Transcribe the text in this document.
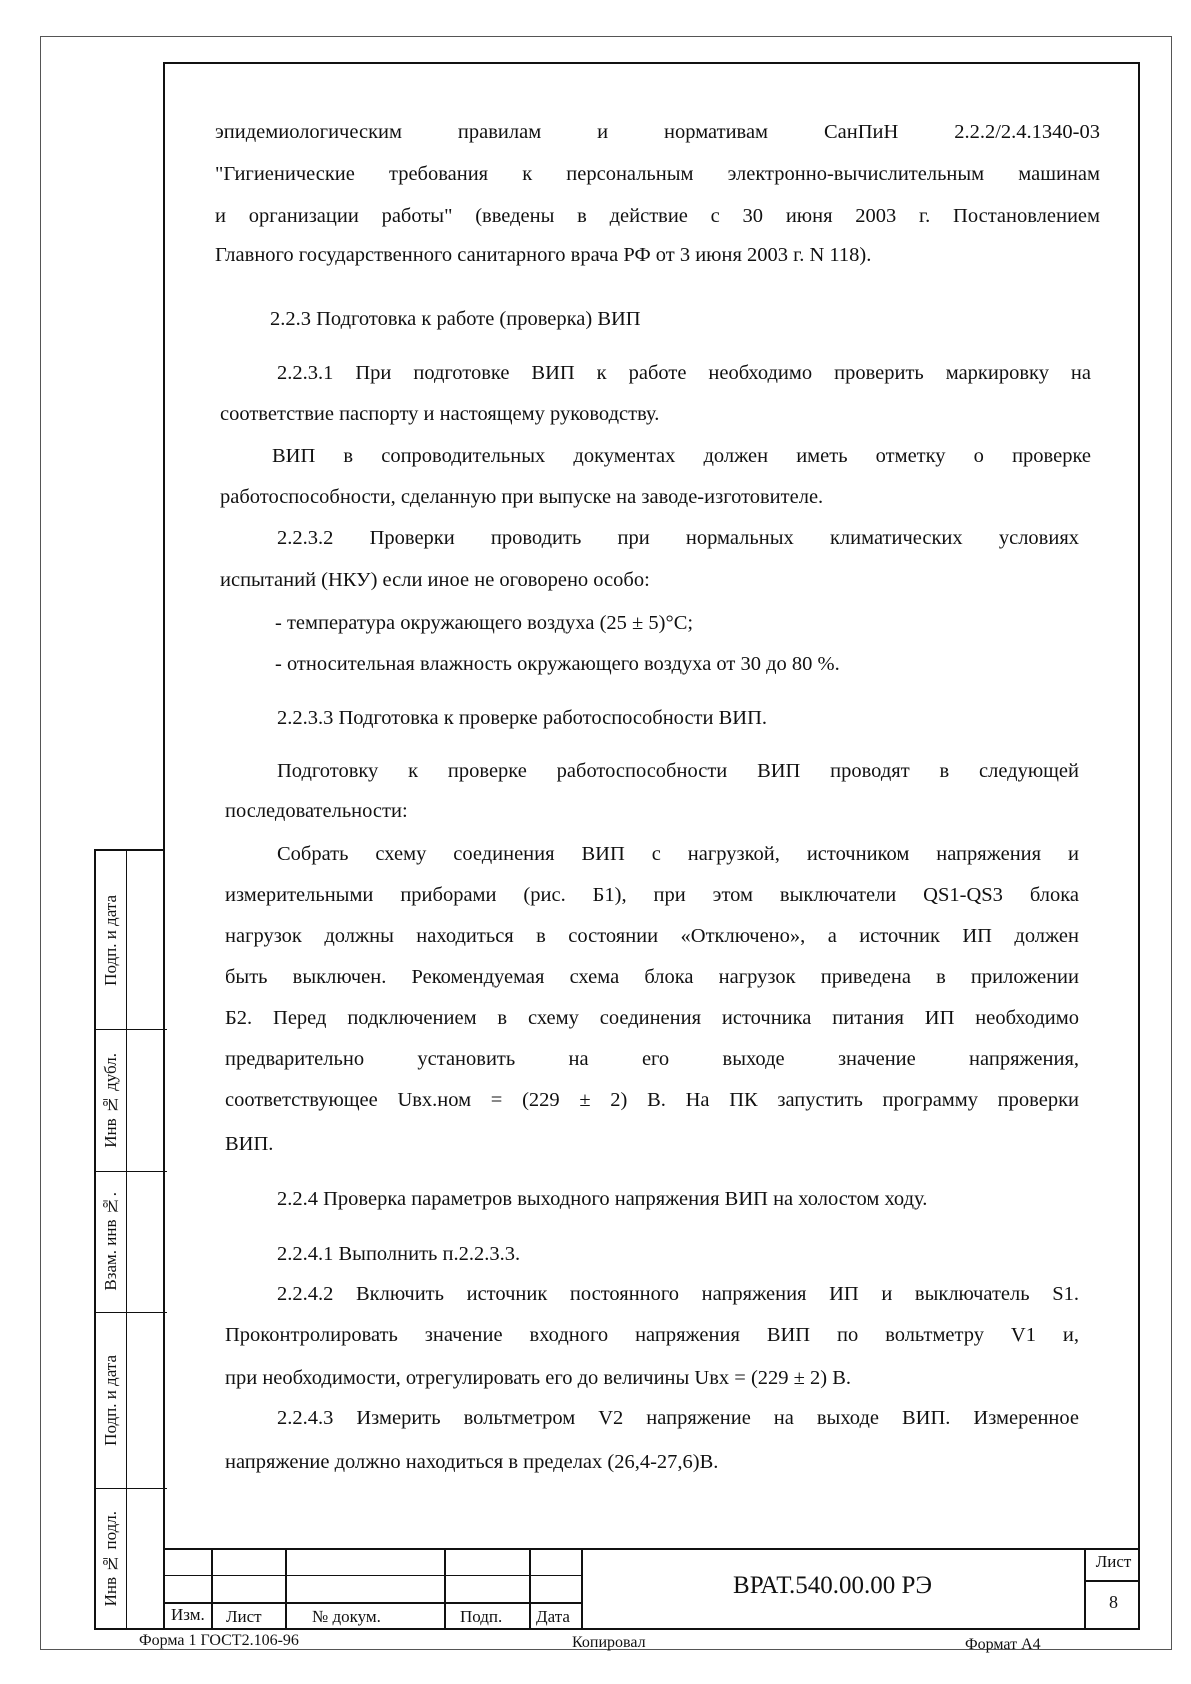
Подп. и дата
Инв № дубл.
Взам. инв №.
Подп. и дата
Инв № подл.
эпидемиологическим правилам и нормативам СанПиН 2.2.2/2.4.1340-03
"Гигиенические требования к персональным электронно-вычислительным машинам
и организации работы" (введены в действие с 30 июня 2003 г. Постановлением
Главного государственного санитарного врача РФ от 3 июня 2003 г. N 118).
2.2.3 Подготовка к работе (проверка) ВИП
2.2.3.1 При подготовке ВИП к работе необходимо проверить маркировку на
соответствие паспорту и настоящему руководству.
ВИП в сопроводительных документах должен иметь отметку о проверке
работоспособности, сделанную при выпуске на заводе-изготовителе.
2.2.3.2 Проверки проводить при нормальных климатических условиях
испытаний (НКУ) если иное не оговорено особо:
- температура окружающего воздуха (25 ± 5)°С;
- относительная влажность окружающего воздуха от 30 до 80 %.
2.2.3.3 Подготовка к проверке работоспособности ВИП.
Подготовку к проверке работоспособности ВИП проводят в следующей
последовательности:
Собрать схему соединения ВИП с нагрузкой, источником напряжения и
измерительными приборами (рис. Б1), при этом выключатели QS1-QS3 блока
нагрузок должны находиться в состоянии «Отключено», а источник ИП должен
быть выключен. Рекомендуемая схема блока нагрузок приведена в приложении
Б2. Перед подключением в схему соединения источника питания ИП необходимо
предварительно установить на его выходе значение напряжения,
соответствующее Uвх.ном = (229 ± 2) В. На ПК запустить программу проверки
ВИП.
2.2.4 Проверка параметров выходного напряжения ВИП на холостом ходу.
2.2.4.1 Выполнить п.2.2.3.3.
2.2.4.2 Включить источник постоянного напряжения ИП и выключатель S1.
Проконтролировать значение входного напряжения ВИП по вольтметру V1 и,
при необходимости, отрегулировать его до величины Uвх = (229 ± 2) В.
2.2.4.3 Измерить вольтметром V2 напряжение на выходе ВИП. Измеренное
напряжение должно находиться в пределах (26,4-27,6)В.
Изм. Лист	№ докум.	Подп. Дата
ВРАТ.540.00.00 РЭ
Лист
8
Форма 1 ГОСТ2.106-96	Копировал	Формат А4
